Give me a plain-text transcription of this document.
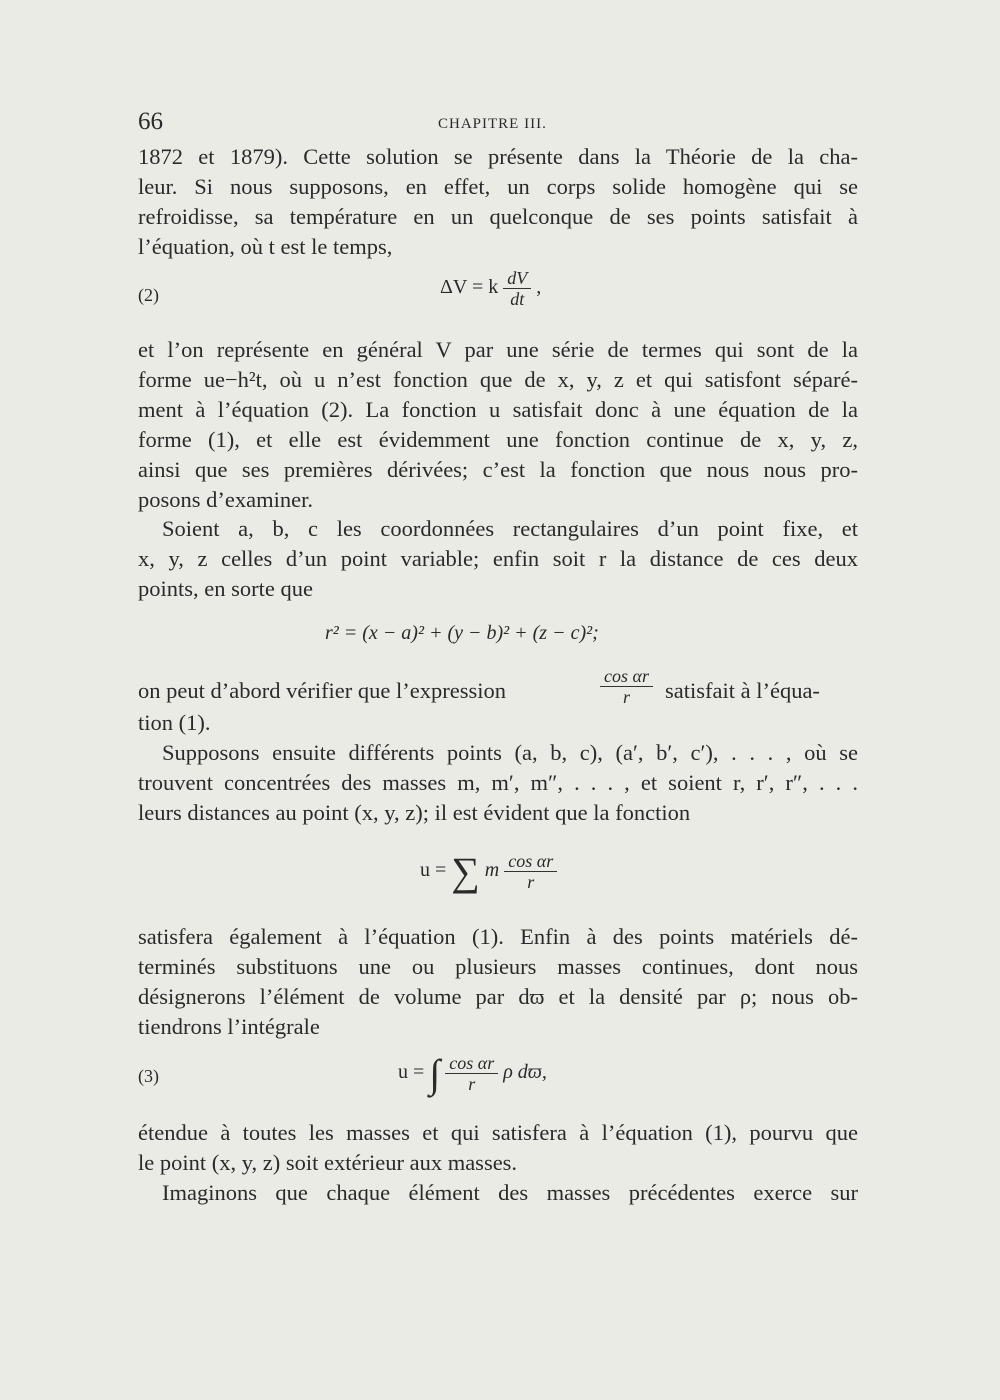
66	CHAPITRE III.
1872 et 1879). Cette solution se présente dans la Théorie de la cha-
leur. Si nous supposons, en effet, un corps solide homogène qui se
refroidisse, sa température en un quelconque de ses points satisfait à
l’équation, où t est le temps,
(2)	ΔV = k $\frac{dV}{dt}$ ,
et l’on représente en général V par une série de termes qui sont de la
forme ue−h²t, où u n’est fonction que de x, y, z et qui satisfont séparé-
ment à l’équation (2). La fonction u satisfait donc à une équation de la
forme (1), et elle est évidemment une fonction continue de x, y, z,
ainsi que ses premières dérivées; c’est la fonction que nous nous pro-
posons d’examiner.
Soient a, b, c les coordonnées rectangulaires d’un point fixe, et
x, y, z celles d’un point variable; enfin soit r la distance de ces deux
points, en sorte que
r² = (x − a)² + (y − b)² + (z − c)²;
on peut d’abord vérifier que l’expression	$\frac{\text{cos αr}}{r}$ satisfait à l’équa-
tion (1).
Supposons ensuite différents points (a, b, c), (a′, b′, c′), . . . , où se
trouvent concentrées des masses m, m′, m″, . . . , et soient r, r′, r″, . . .
leurs distances au point (x, y, z); il est évident que la fonction
u = ∑ m $\frac{\text{cos αr}}{r}$
satisfera également à l’équation (1). Enfin à des points matériels dé-
terminés substituons une ou plusieurs masses continues, dont nous
désignerons l’élément de volume par dϖ et la densité par ρ; nous ob-
tiendrons l’intégrale
(3)	u = ∫ $\frac{\text{cos αr}}{r}$ ρ dϖ,
étendue à toutes les masses et qui satisfera à l’équation (1), pourvu que
le point (x, y, z) soit extérieur aux masses.
Imaginons que chaque élément des masses précédentes exerce sur
